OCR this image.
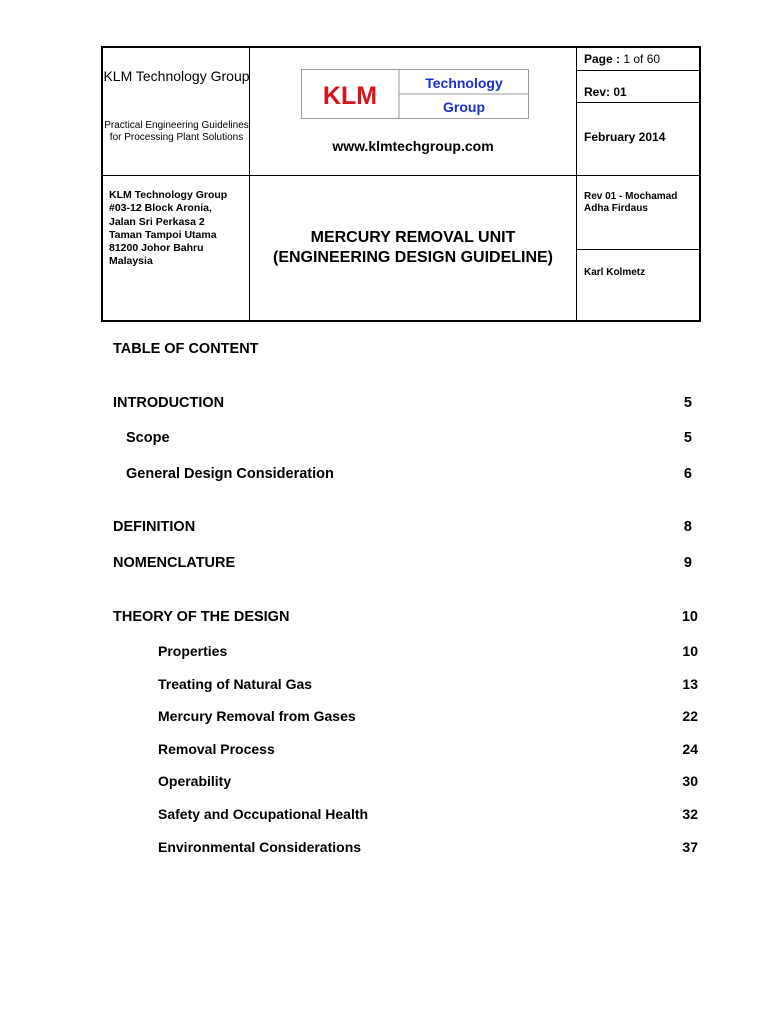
KLM Technology Group
Practical Engineering Guidelines for Processing Plant Solutions
KLM Technology Group
#03-12 Block Aronia,
Jalan Sri Perkasa 2
Taman Tampoi Utama
81200 Johor Bahru
Malaysia
KLM	Technology
Group
www.klmtechgroup.com
MERCURY REMOVAL UNIT
(ENGINEERING DESIGN GUIDELINE)
Page : 1 of 60
Rev: 01
February 2014
Rev 01 - Mochamad
Adha Firdaus
Karl Kolmetz
TABLE OF CONTENT
INTRODUCTION	5
Scope	5
General Design Consideration	6
DEFINITION	8
NOMENCLATURE	9
THEORY OF THE DESIGN	10
Properties	10
Treating of Natural Gas	13
Mercury Removal from Gases	22
Removal Process	24
Operability	30
Safety and Occupational Health	32
Environmental Considerations	37
